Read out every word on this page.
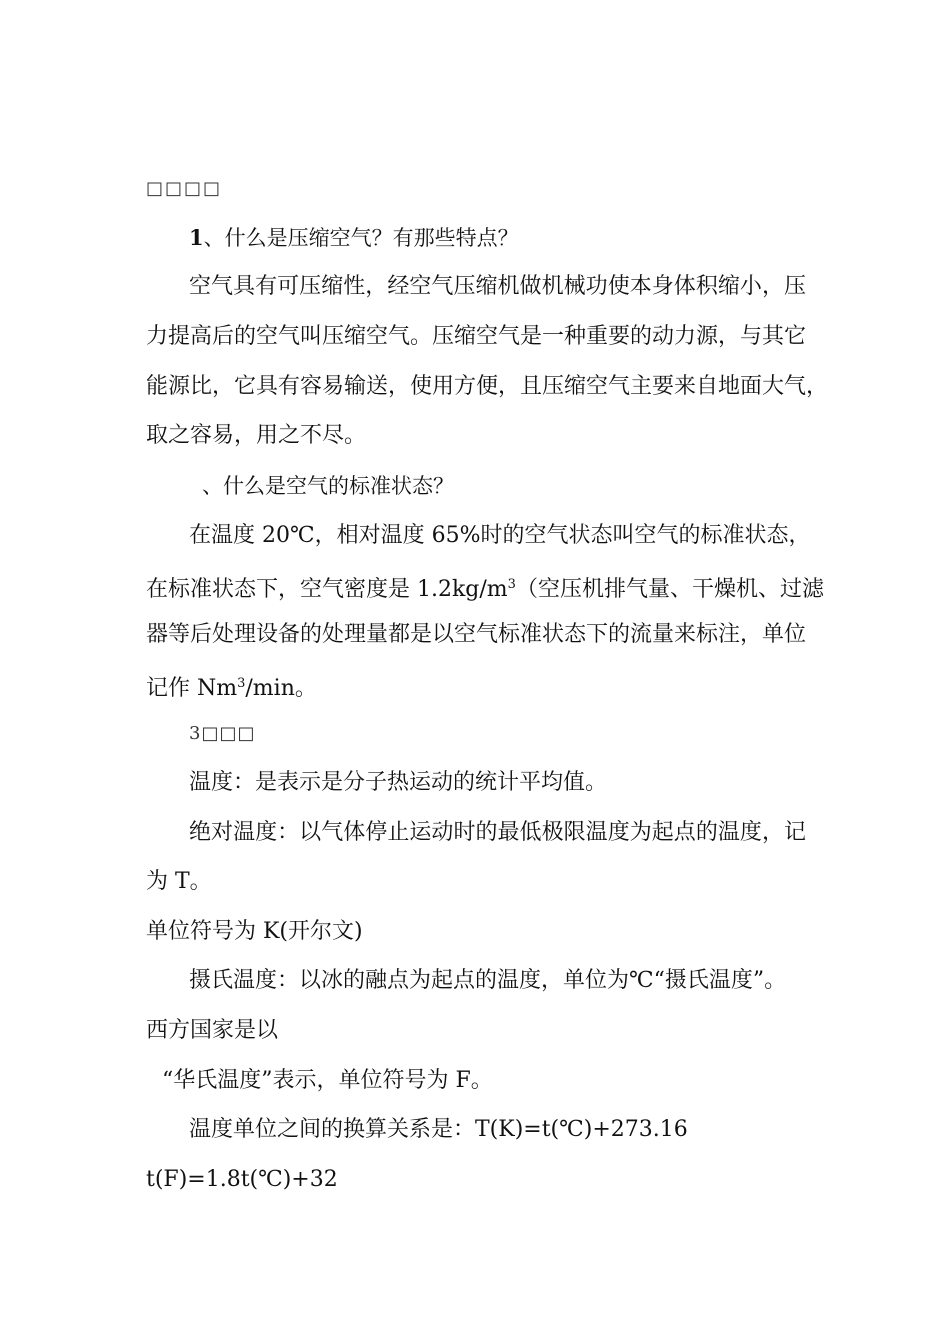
□□□□
1、什么是压缩空气？有那些特点？
空气具有可压缩性，经空气压缩机做机械功使本身体积缩小，压
力提高后的空气叫压缩空气。压缩空气是一种重要的动力源，与其它
能源比，它具有容易输送，使用方便，且压缩空气主要来自地面大气，
取之容易，用之不尽。
、什么是空气的标准状态？
在温度 20℃，相对温度 65%时的空气状态叫空气的标准状态，
在标准状态下，空气密度是 $1.2kg/m^3$（空压机排气量、干燥机、过滤
器等后处理设备的处理量都是以空气标准状态下的流量来标注，单位
记作 Nm$^3$/min。
3□□□
温度：是表示是分子热运动的统计平均值。
绝对温度：以气体停止运动时的最低极限温度为起点的温度，记
为 T。
单位符号为 K(开尔文)
摄氏温度：以冰的融点为起点的温度，单位为℃“摄氏温度”。
西方国家是以
“华氏温度”表示，单位符号为 F。
温度单位之间的换算关系是：T(K)=t(℃)+273.16
t(F)=1.8t(℃)+32
